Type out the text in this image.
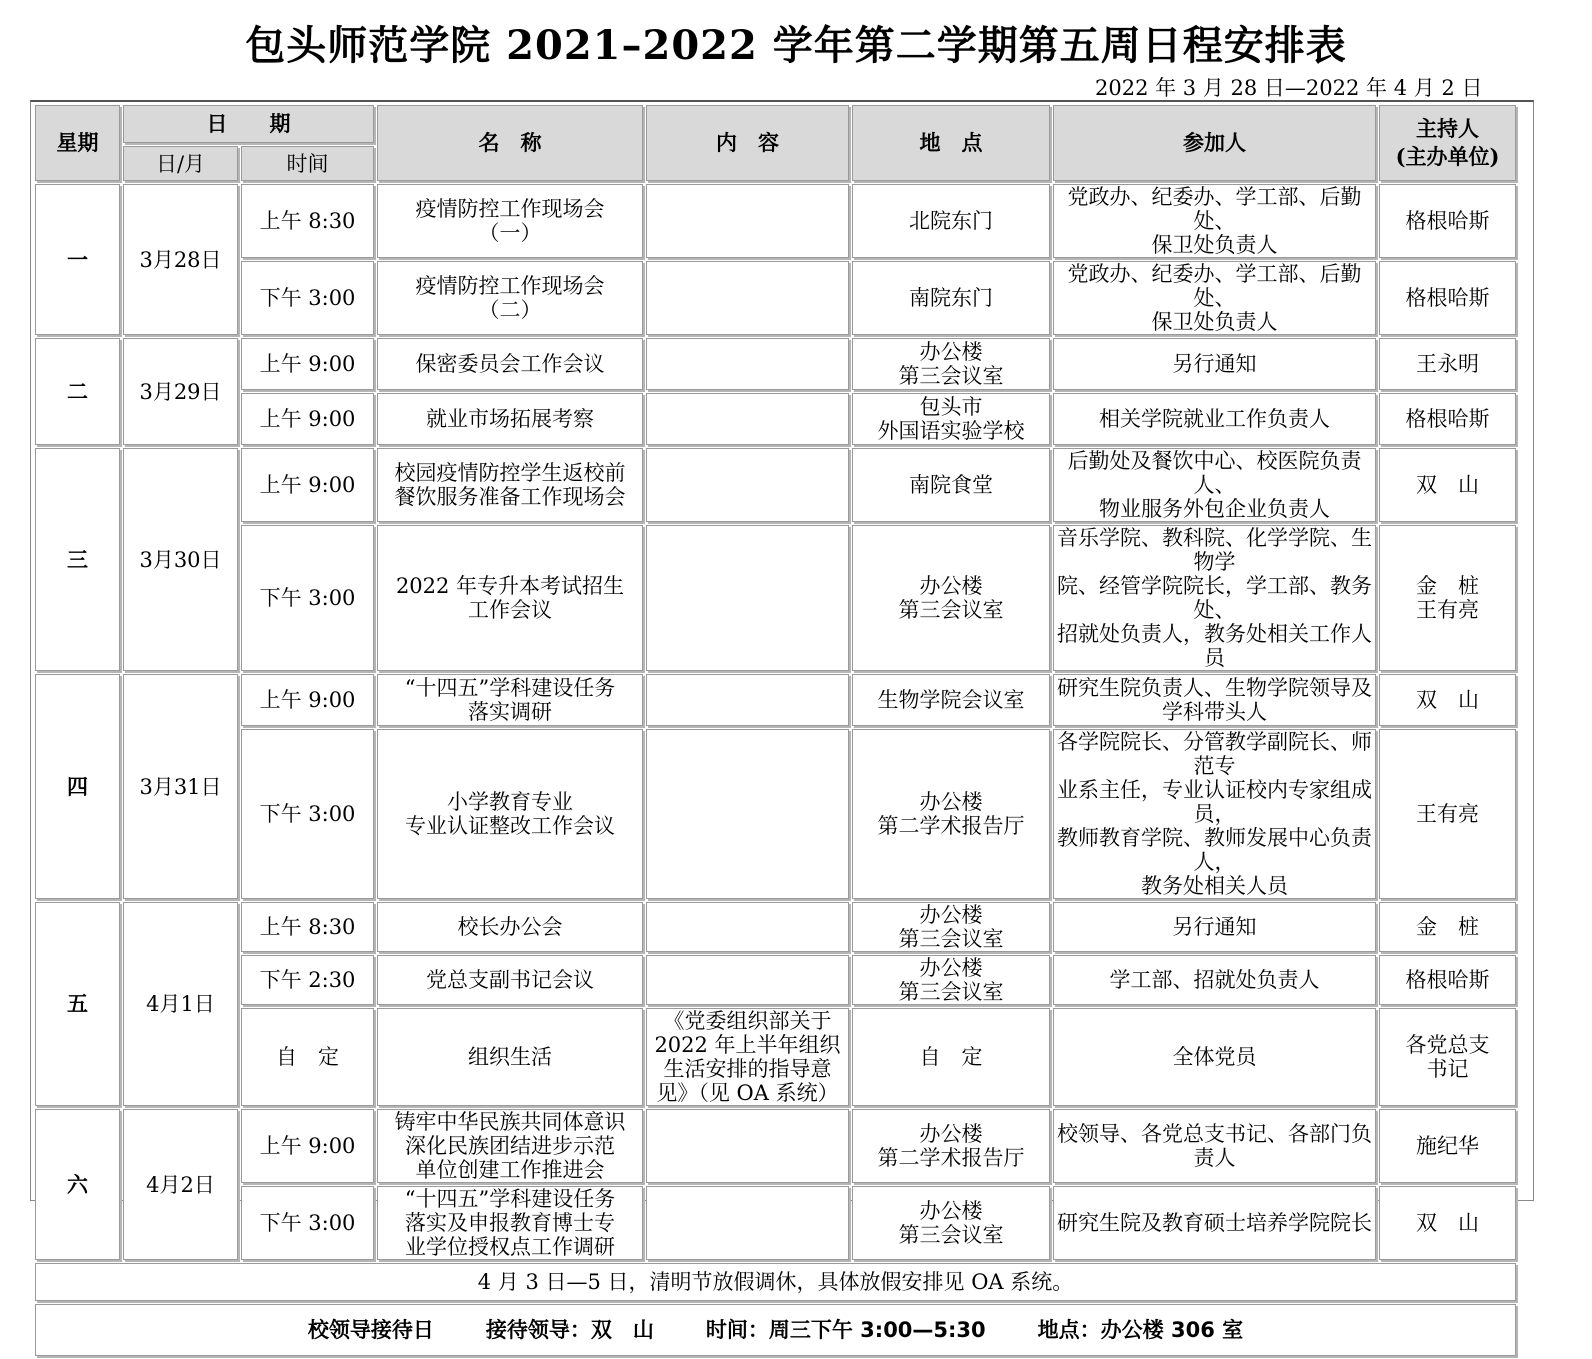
包头师范学院 2021–2022 学年第二学期第五周日程安排表
2022 年 3 月 28 日—2022 年 4 月 2 日
星期	日　　期		名　称	内　容	地　点	参加人	主持人
(主办单位)
	日/月	时间					
一	3月28日	上午 8:30	疫情防控工作现场会
（一）		北院东门	党政办、纪委办、学工部、后勤处、
保卫处负责人	格根哈斯
		下午 3:00	疫情防控工作现场会
（二）		南院东门	党政办、纪委办、学工部、后勤处、
保卫处负责人	格根哈斯
二	3月29日	上午 9:00	保密委员会工作会议		办公楼
第三会议室	另行通知	王永明
		上午 9:00	就业市场拓展考察		包头市
外国语实验学校	相关学院就业工作负责人	格根哈斯
三	3月30日	上午 9:00	校园疫情防控学生返校前
餐饮服务准备工作现场会		南院食堂	后勤处及餐饮中心、校医院负责人、
物业服务外包企业负责人	双　山
		下午 3:00	2022 年专升本考试招生
工作会议		办公楼
第三会议室	音乐学院、教科院、化学学院、生物学
院、经管学院院长，学工部、教务处、
招就处负责人，教务处相关工作人员	金　桩
王有亮
四	3月31日	上午 9:00	“十四五”学科建设任务
落实调研		生物学院会议室	研究生院负责人、生物学院领导及
学科带头人	双　山
		下午 3:00	小学教育专业
专业认证整改工作会议		办公楼
第二学术报告厅	各学院院长、分管教学副院长、师范专
业系主任，专业认证校内专家组成员，
教师教育学院、教师发展中心负责人，
教务处相关人员	王有亮
五	4月1日	上午 8:30	校长办公会		办公楼
第三会议室	另行通知	金　桩
		下午 2:30	党总支副书记会议		办公楼
第三会议室	学工部、招就处负责人	格根哈斯
		自　定	组织生活	《党委组织部关于
2022 年上半年组织
生活安排的指导意
见》（见 OA 系统）	自　定	全体党员	各党总支
书记
六	4月2日	上午 9:00	铸牢中华民族共同体意识
深化民族团结进步示范
单位创建工作推进会		办公楼
第二学术报告厅	校领导、各党总支书记、各部门负责人	施纪华
		下午 3:00	“十四五”学科建设任务
落实及申报教育博士专
业学位授权点工作调研		办公楼
第三会议室	研究生院及教育硕士培养学院院长	双　山
4 月 3 日—5 日，清明节放假调休，具体放假安排见 OA 系统。							
校领导接待日 接待领导：双　山 时间：周三下午 3:00—5:30 地点：办公楼 306 室							
